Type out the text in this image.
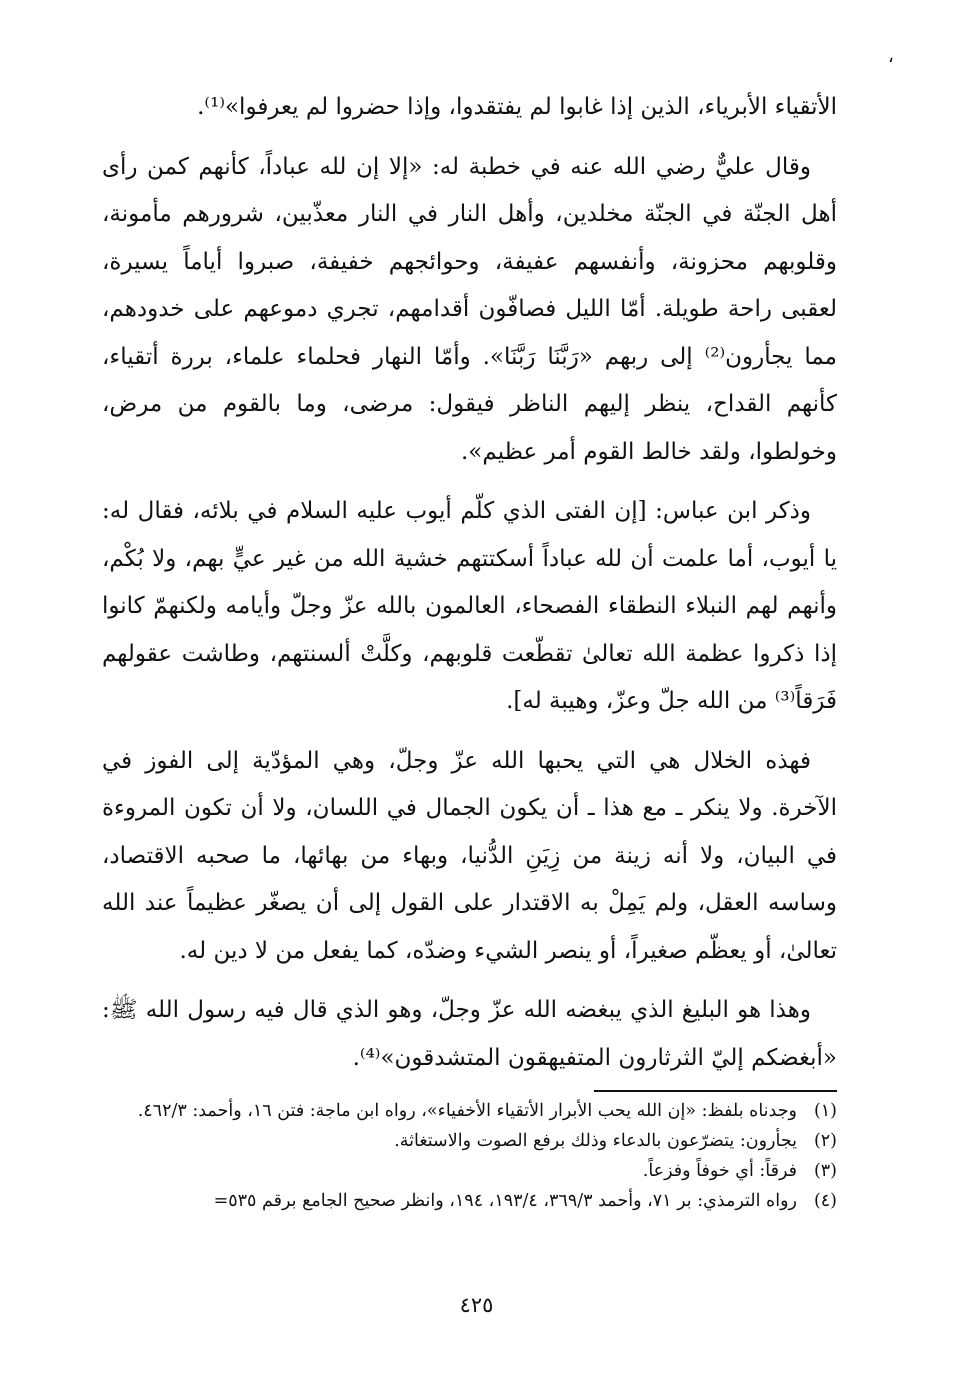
،

الأتقياء الأبرياء، الذين إذا غابوا لم يفتقدوا، وإذا حضروا لم يعرفوا»⁽¹⁾.

وقال عليٌّ رضي الله عنه في خطبة له: «إلا إن لله عباداً، كأنهم كمن رأى أهل الجنّة في الجنّة مخلدين، وأهل النار في النار معذّبين، شرورهم مأمونة، وقلوبهم محزونة، وأنفسهم عفيفة، وحوائجهم خفيفة، صبروا أياماً يسيرة، لعقبى راحة طويلة. أمّا الليل فصافّون أقدامهم، تجري دموعهم على خدودهم، مما يجأرون⁽²⁾ إلى ربهم «رَبَّنَا رَبَّنَا». وأمّا النهار فحلماء علماء، بررة أتقياء، كأنهم القداح، ينظر إليهم الناظر فيقول: مرضى، وما بالقوم من مرض، وخولطوا، ولقد خالط القوم أمر عظيم».

وذكر ابن عباس: [إن الفتى الذي كلّم أيوب عليه السلام في بلائه، فقال له: يا أيوب، أما علمت أن لله عباداً أسكتتهم خشية الله من غير عيٍّ بهم، ولا بُكْم، وأنهم لهم النبلاء النطقاء الفصحاء، العالمون بالله عزّ وجلّ وأيامه ولكنهمّ كانوا إذا ذكروا عظمة الله تعالىٰ تقطّعت قلوبهم، وكلَّتْ ألسنتهم، وطاشت عقولهم فَرَقاً⁽³⁾ من الله جلّ وعزّ، وهيبة له].

فهذه الخلال هي التي يحبها الله عزّ وجلّ، وهي المؤدّية إلى الفوز في الآخرة. ولا ينكر ـ مع هذا ـ أن يكون الجمال في اللسان، ولا أن تكون المروءة في البيان، ولا أنه زينة من زِيَنِ الدُّنيا، وبهاء من بهائها، ما صحبه الاقتصاد، وساسه العقل، ولم يَمِلْ به الاقتدار على القول إلى أن يصغّر عظيماً عند الله تعالىٰ، أو يعظّم صغيراً، أو ينصر الشيء وضدّه، كما يفعل من لا دين له.

وهذا هو البليغ الذي يبغضه الله عزّ وجلّ، وهو الذي قال فيه رسول الله ﷺ: «أبغضكم إليّ الثرثارون المتفيهقون المتشدقون»⁽⁴⁾.

(١)وجدناه بلفظ: «إن الله يحب الأبرار الأتقياء الأخفياء»، رواه ابن ماجة: فتن ١٦، وأحمد: ٤٦٢/٣.

(٢)يجأرون: يتضرّعون بالدعاء وذلك برفع الصوت والاستغاثة.

(٣)فرقاً: أي خوفاً وفزعاً.

(٤)رواه الترمذي: بر ٧١، وأحمد ٣٦٩/٣، ١٩٣/٤، ١٩٤، وانظر صحيح الجامع برقم ٥٣٥=

٤٢٥
